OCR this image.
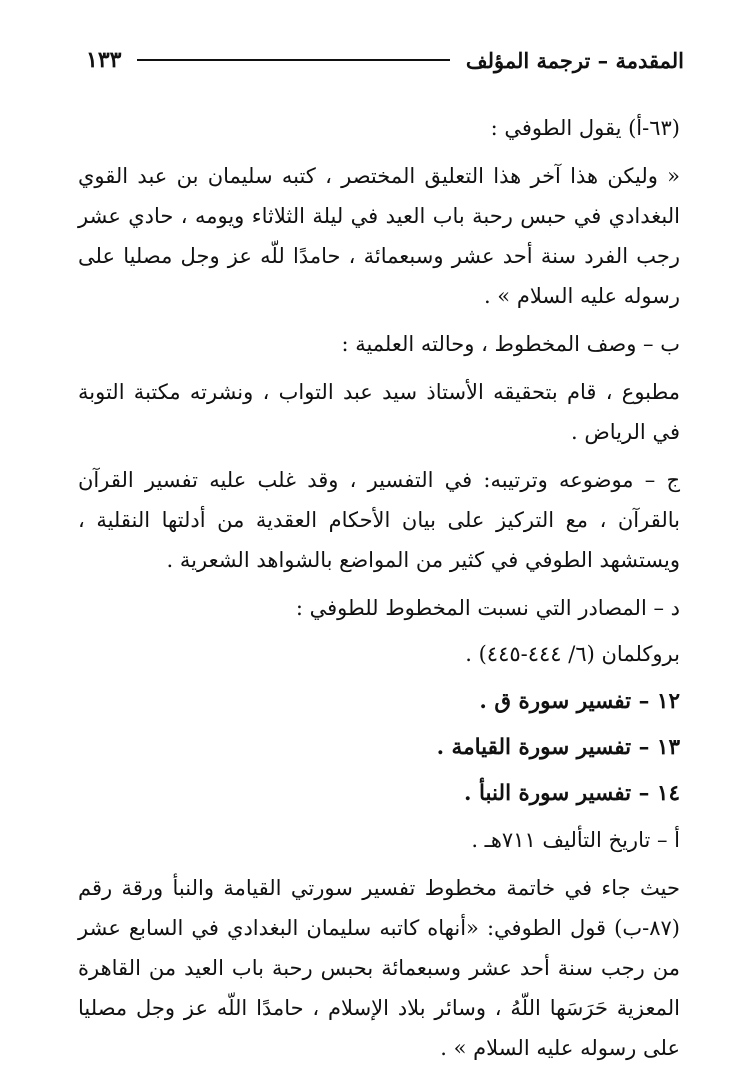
المقدمة – ترجمة المؤلف
١٣٣

(٦٣-أ) يقول الطوفي :

« وليكن هذا آخر هذا التعليق المختصر ، كتبه سليمان بن عبد القوي البغدادي في حبس رحبة باب العيد في ليلة الثلاثاء ويومه ، حادي عشر رجب الفرد سنة أحد عشر وسبعمائة ، حامدًا للّه عز وجل مصليا على رسوله عليه السلام » .

ب – وصف المخطوط ، وحالته العلمية :

مطبوع ، قام بتحقيقه الأستاذ سيد عبد التواب ، ونشرته مكتبة التوبة في الرياض .

ج – موضوعه وترتيبه: في التفسير ، وقد غلب عليه تفسير القرآن بالقرآن ، مع التركيز على بيان الأحكام العقدية من أدلتها النقلية ، ويستشهد الطوفي في كثير من المواضع بالشواهد الشعرية .

د – المصادر التي نسبت المخطوط للطوفي :

بروكلمان (٦/ ٤٤٤-٤٤٥) .

١٢ – تفسير سورة ق .

١٣ – تفسير سورة القيامة .

١٤ – تفسير سورة النبأ .

أ – تاريخ التأليف ٧١١هـ .

حيث جاء في خاتمة مخطوط تفسير سورتي القيامة والنبأ ورقة رقم (٨٧-ب) قول الطوفي: «أنهاه كاتبه سليمان البغدادي في السابع عشر من رجب سنة أحد عشر وسبعمائة بحبس رحبة باب العيد من القاهرة المعزية حَرَسَها اللّهُ ، وسائر بلاد الإسلام ، حامدًا اللّه عز وجل مصليا على رسوله عليه السلام » .
